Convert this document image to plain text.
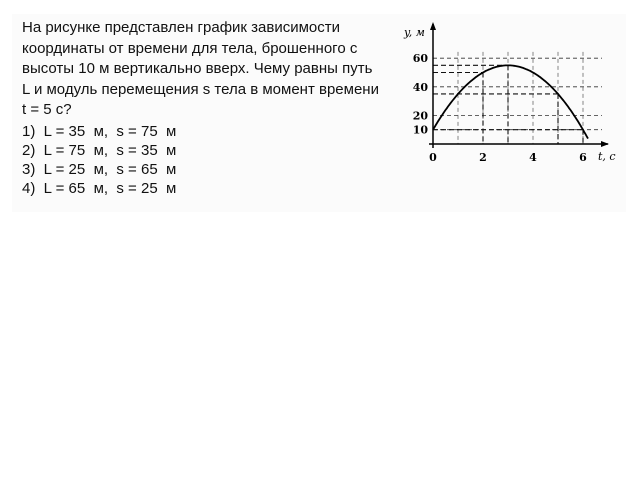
На рисунке представлен график зависимости координаты от времени для тела, брошенного с высоты 10 м вертикально вверх. Чему равны путь L и модуль перемещения s тела в момент времени t = 5 с?

1)  L = 35  м,  s = 75  м
2)  L = 75  м,  s = 35  м
3)  L = 25  м,  s = 65  м
4)  L = 65  м,  s = 25  м
10
20
40
60
0	2	4	6
y, м
t, с
